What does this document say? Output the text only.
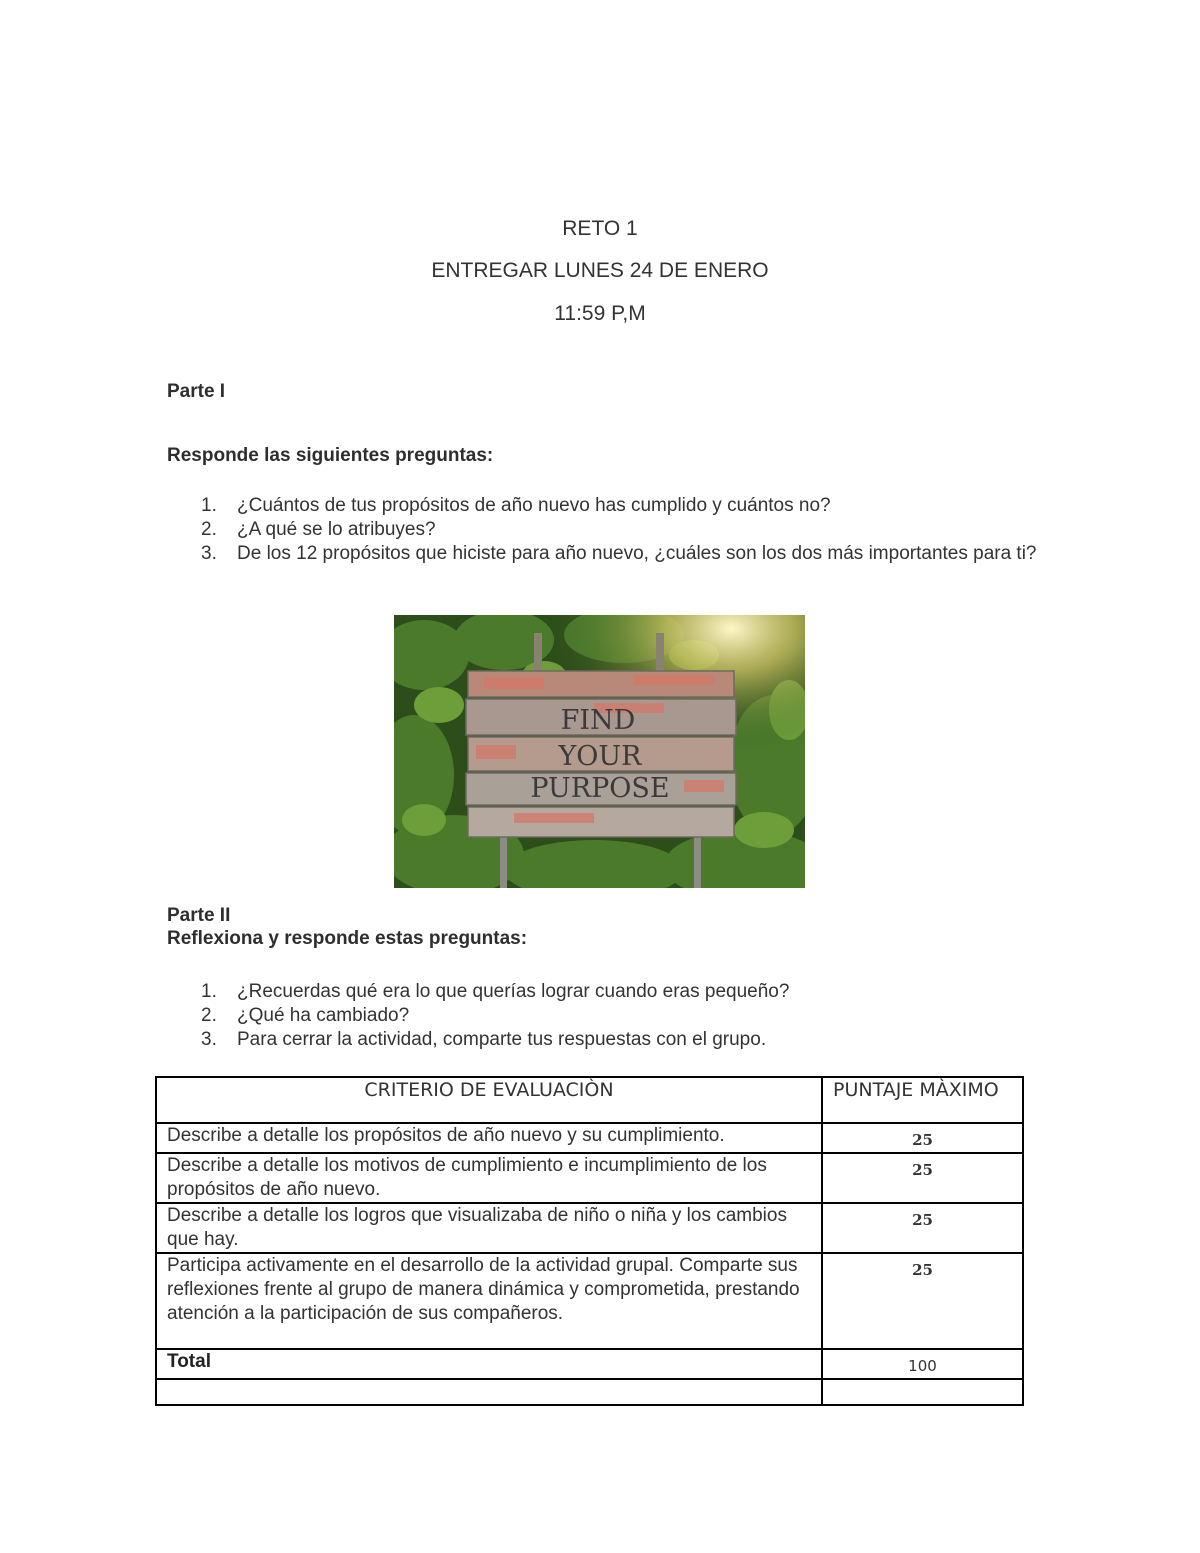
RETO 1
ENTREGAR LUNES 24 DE ENERO
11:59 P,M
Parte I
Responde las siguientes preguntas:
1. ¿Cuántos de tus propósitos de año nuevo has cumplido y cuántos no?
2. ¿A qué se lo atribuyes?
3. De los 12 propósitos que hiciste para año nuevo, ¿cuáles son los dos más importantes para ti?
FIND
YOUR
PURPOSE
Parte II
Reflexiona y responde estas preguntas:
1. ¿Recuerdas qué era lo que querías lograr cuando eras pequeño?
2. ¿Qué ha cambiado?
3. Para cerrar la actividad, comparte tus respuestas con el grupo.
CRITERIO DE EVALUACIÒN	PUNTAJE MÀXIMO
Describe a detalle los propósitos de año nuevo y su cumplimiento.	25
Describe a detalle los motivos de cumplimiento e incumplimiento de los propósitos de año nuevo.	25
Describe a detalle los logros que visualizaba de niño o niña y los cambios que hay.	25
Participa activamente en el desarrollo de la actividad grupal. Comparte sus reflexiones frente al grupo de manera dinámica y comprometida, prestando atención a la participación de sus compañeros.	25
Total	100
